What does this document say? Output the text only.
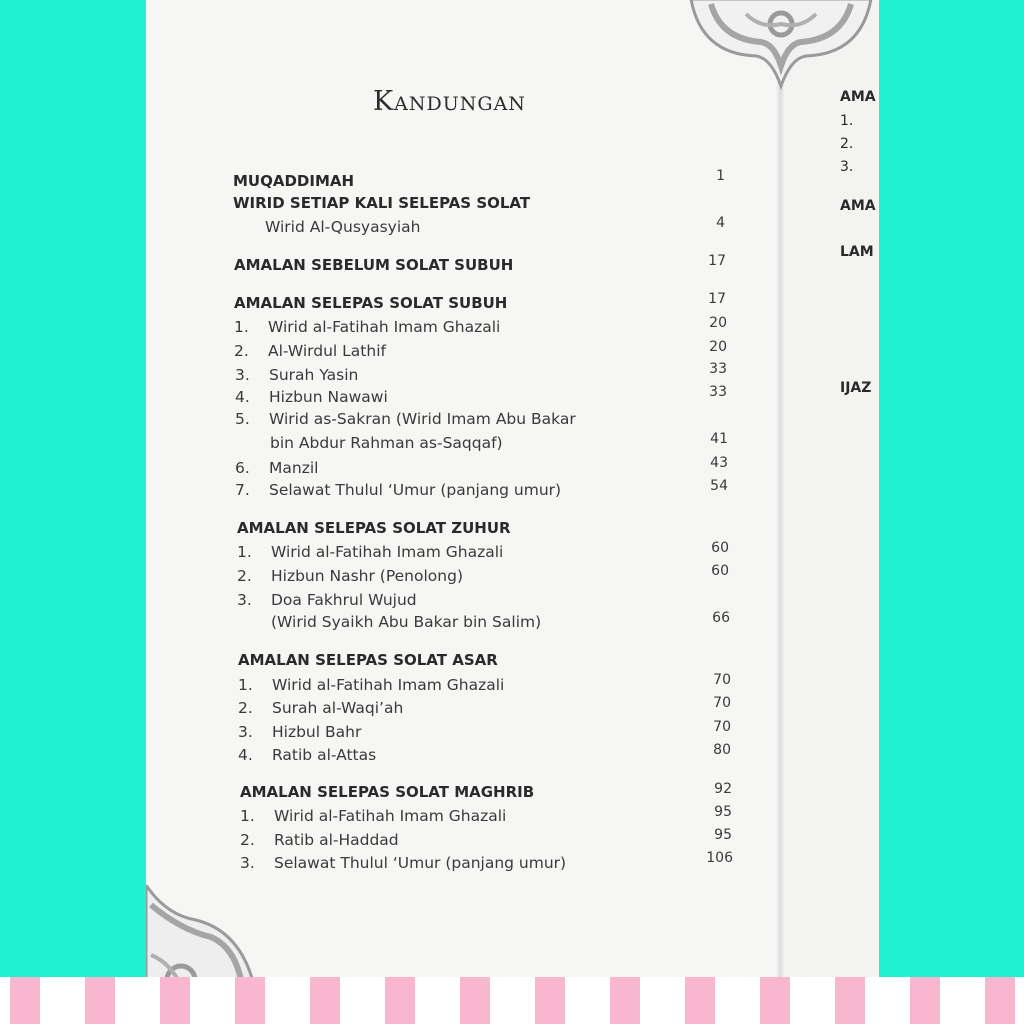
Kandungan
MUQADDIMAH	1
WIRID SETIAP KALI SELEPAS SOLAT
Wirid Al-Qusyasyiah	4
AMALAN SEBELUM SOLAT SUBUH	17
AMALAN SELEPAS SOLAT SUBUH	17
1. Wirid al-Fatihah Imam Ghazali	20
2. Al-Wirdul Lathif	20
3. Surah Yasin	33
4. Hizbun Nawawi	33
5. Wirid as-Sakran (Wirid Imam Abu Bakar
bin Abdur Rahman as-Saqqaf)	41
6. Manzil	43
7. Selawat Thulul ‘Umur (panjang umur)	54
AMALAN SELEPAS SOLAT ZUHUR
1. Wirid al-Fatihah Imam Ghazali	60
2. Hizbun Nashr (Penolong)	60
3. Doa Fakhrul Wujud
(Wirid Syaikh Abu Bakar bin Salim)	66
AMALAN SELEPAS SOLAT ASAR
1. Wirid al-Fatihah Imam Ghazali	70
2. Surah al-Waqi’ah	70
3. Hizbul Bahr	70
4. Ratib al-Attas	80
AMALAN SELEPAS SOLAT MAGHRIB	92
1. Wirid al-Fatihah Imam Ghazali	95
2. Ratib al-Haddad	95
3. Selawat Thulul ‘Umur (panjang umur)	106
AMA
1.
2.
3.
AMA
LAM
IJAZ
